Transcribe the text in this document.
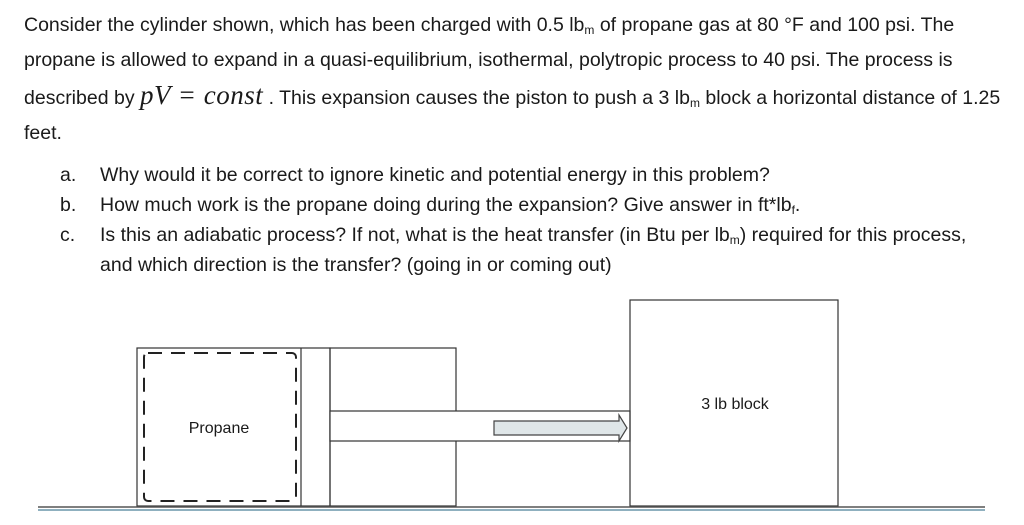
Consider the cylinder shown, which has been charged with 0.5 $lb_m$ of propane gas at 80 °F and 100 psi. The propane is allowed to expand in a quasi-equilibrium, isothermal, polytropic process to 40 psi. The process is described by pV = const . This expansion causes the piston to push a 3 $lb_m$ block a horizontal distance of 1.25 feet.

a.	Why would it be correct to ignore kinetic and potential energy in this problem?
b.	How much work is the propane doing during the expansion? Give answer in $ft*lb_f$.
c.	Is this an adiabatic process? If not, what is the heat transfer (in Btu per $lb_m$) required for this process, and which direction is the transfer? (going in or coming out)
Propane
3 lb block
